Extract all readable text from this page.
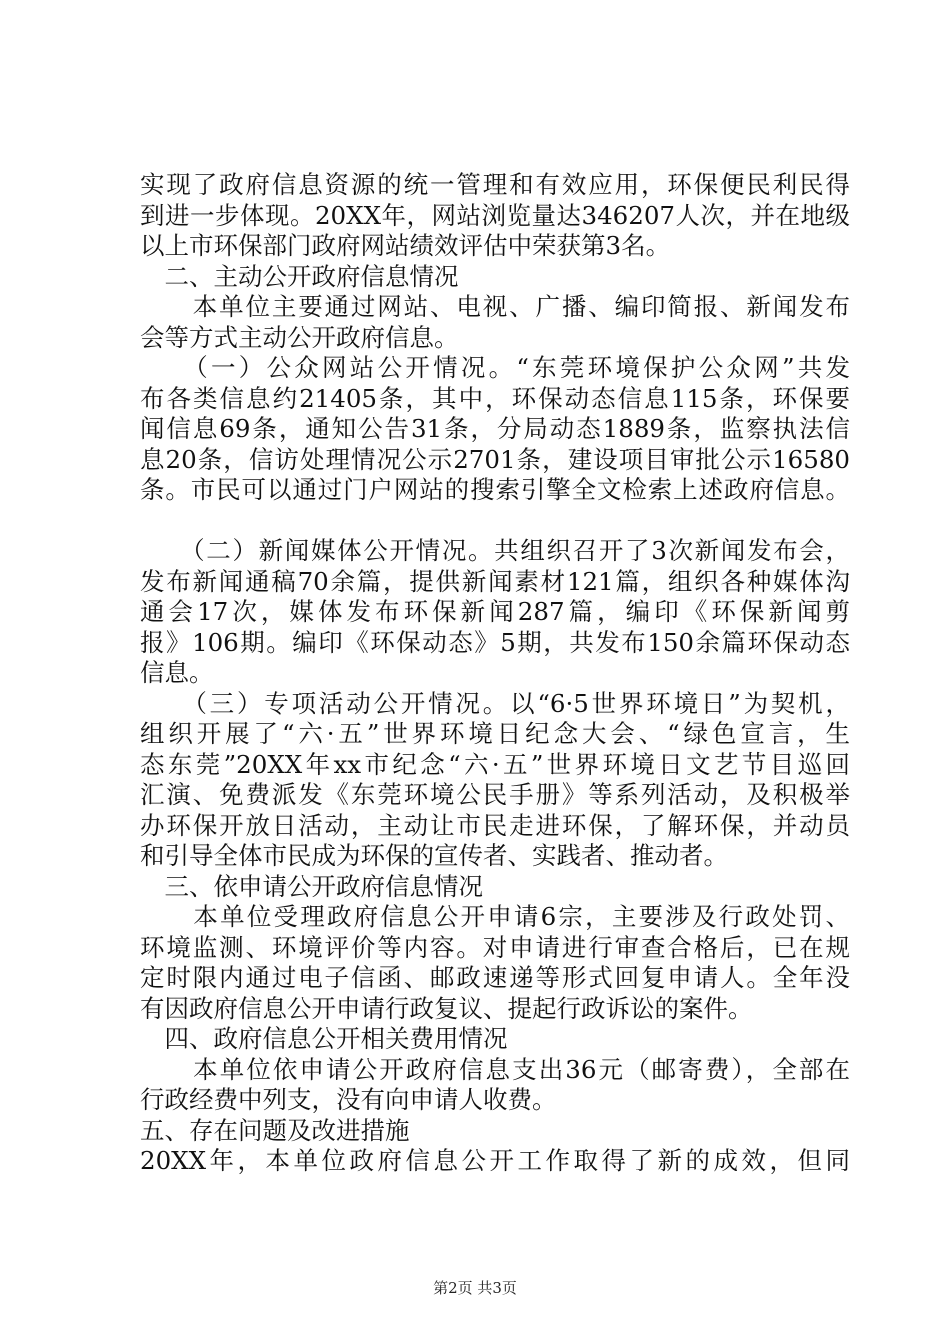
实现了政府信息资源的统一管理和有效应用，环保便民利民得
到进一步体现。20XX年，网站浏览量达346207人次，并在地级
以上市环保部门政府网站绩效评估中荣获第3名。
　二、主动公开政府信息情况
　　本单位主要通过网站、电视、广播、编印简报、新闻发布
会等方式主动公开政府信息。
　　（一）公众网站公开情况。“东莞环境保护公众网”共发
布各类信息约21405条，其中，环保动态信息115条，环保要
闻信息69条，通知公告31条，分局动态1889条，监察执法信
息20条，信访处理情况公示2701条，建设项目审批公示16580
条。市民可以通过门户网站的搜索引擎全文检索上述政府信息。
　　（二）新闻媒体公开情况。共组织召开了3次新闻发布会，
发布新闻通稿70余篇，提供新闻素材121篇，组织各种媒体沟
通会17次，媒体发布环保新闻287篇，编印《环保新闻剪
报》106期。编印《环保动态》5期，共发布150余篇环保动态
信息。
　　（三）专项活动公开情况。以“6·5世界环境日”为契机，
组织开展了“六·五”世界环境日纪念大会、“绿色宣言，生
态东莞”20XX年xx市纪念“六·五”世界环境日文艺节目巡回
汇演、免费派发《东莞环境公民手册》等系列活动，及积极举
办环保开放日活动，主动让市民走进环保，了解环保，并动员
和引导全体市民成为环保的宣传者、实践者、推动者。
　三、依申请公开政府信息情况
　　本单位受理政府信息公开申请6宗，主要涉及行政处罚、
环境监测、环境评价等内容。对申请进行审查合格后，已在规
定时限内通过电子信函、邮政速递等形式回复申请人。全年没
有因政府信息公开申请行政复议、提起行政诉讼的案件。
　四、政府信息公开相关费用情况
　　本单位依申请公开政府信息支出36元（邮寄费），全部在
行政经费中列支，没有向申请人收费。
五、存在问题及改进措施
20XX年，本单位政府信息公开工作取得了新的成效，但同
第2页 共3页
